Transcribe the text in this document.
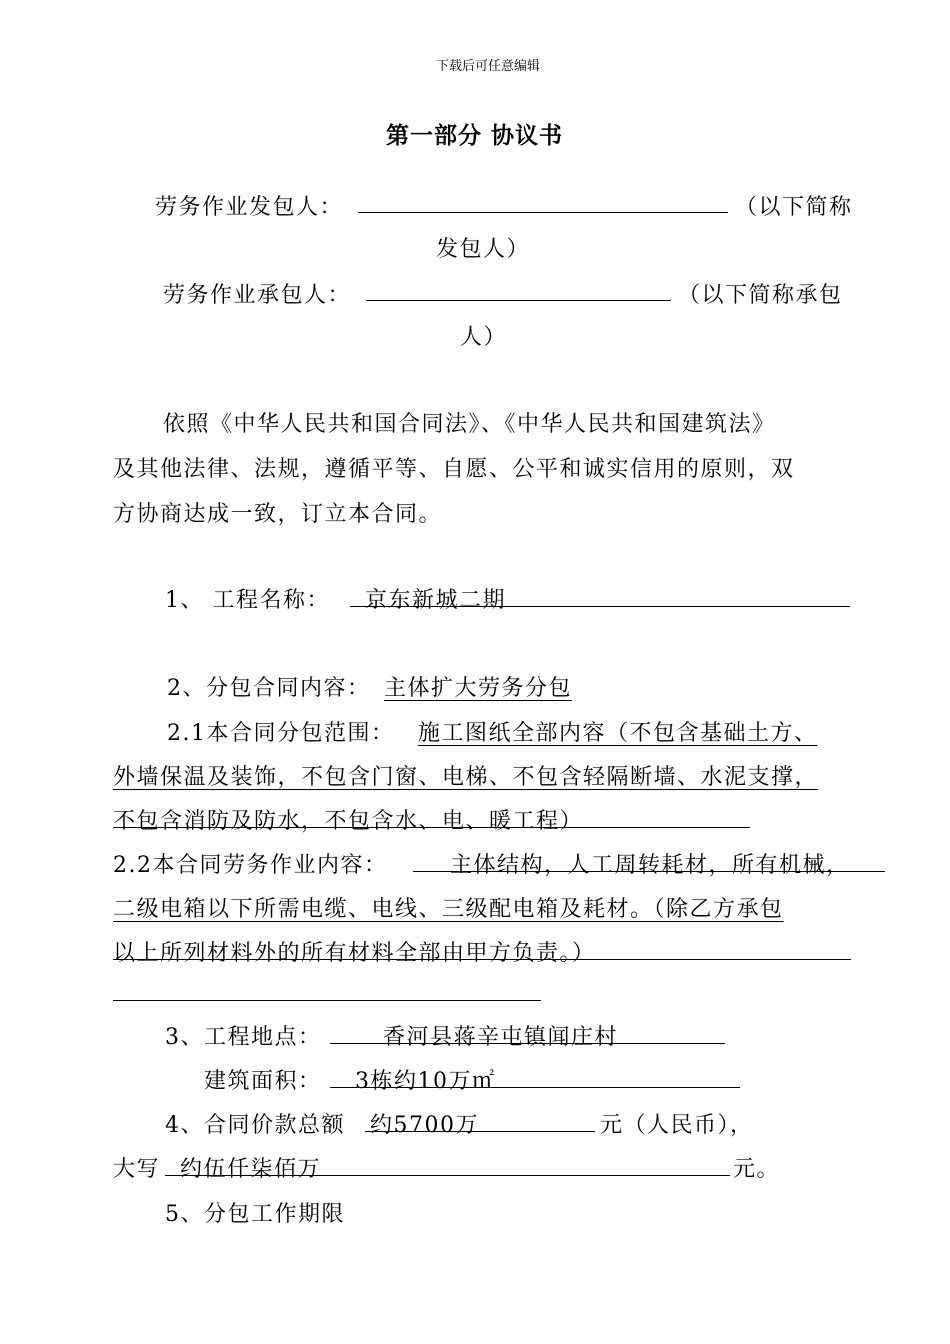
下载后可任意编辑
第一部分 协议书
劳务作业发包人：	（以下简称
发包人）
劳务作业承包人：	（以下简称承包
人）
依照《中华人民共和国合同法》、《中华人民共和国建筑法》
及其他法律、法规，遵循平等、自愿、公平和诚实信用的原则，双
方协商达成一致，订立本合同。
1、 工程名称： 京东新城二期
2、分包合同内容： 主体扩大劳务分包
2.1本合同分包范围： 施工图纸全部内容（不包含基础土方、
外墙保温及装饰，不包含门窗、电梯、不包含轻隔断墙、水泥支撑，
不包含消防及防水，不包含水、电、暖工程）
2.2本合同劳务作业内容：	主体结构，人工周转耗材，所有机械，
二级电箱以下所需电缆、电线、三级配电箱及耗材。（除乙方承包
以上所列材料外的所有材料全部由甲方负责。）
3、工程地点：	香河县蒋辛屯镇闻庄村
建筑面积： 3栋约10万㎡
4、合同价款总额 约5700万	元（人民币），
大写 约伍仟柒佰万	元。
5、分包工作期限
